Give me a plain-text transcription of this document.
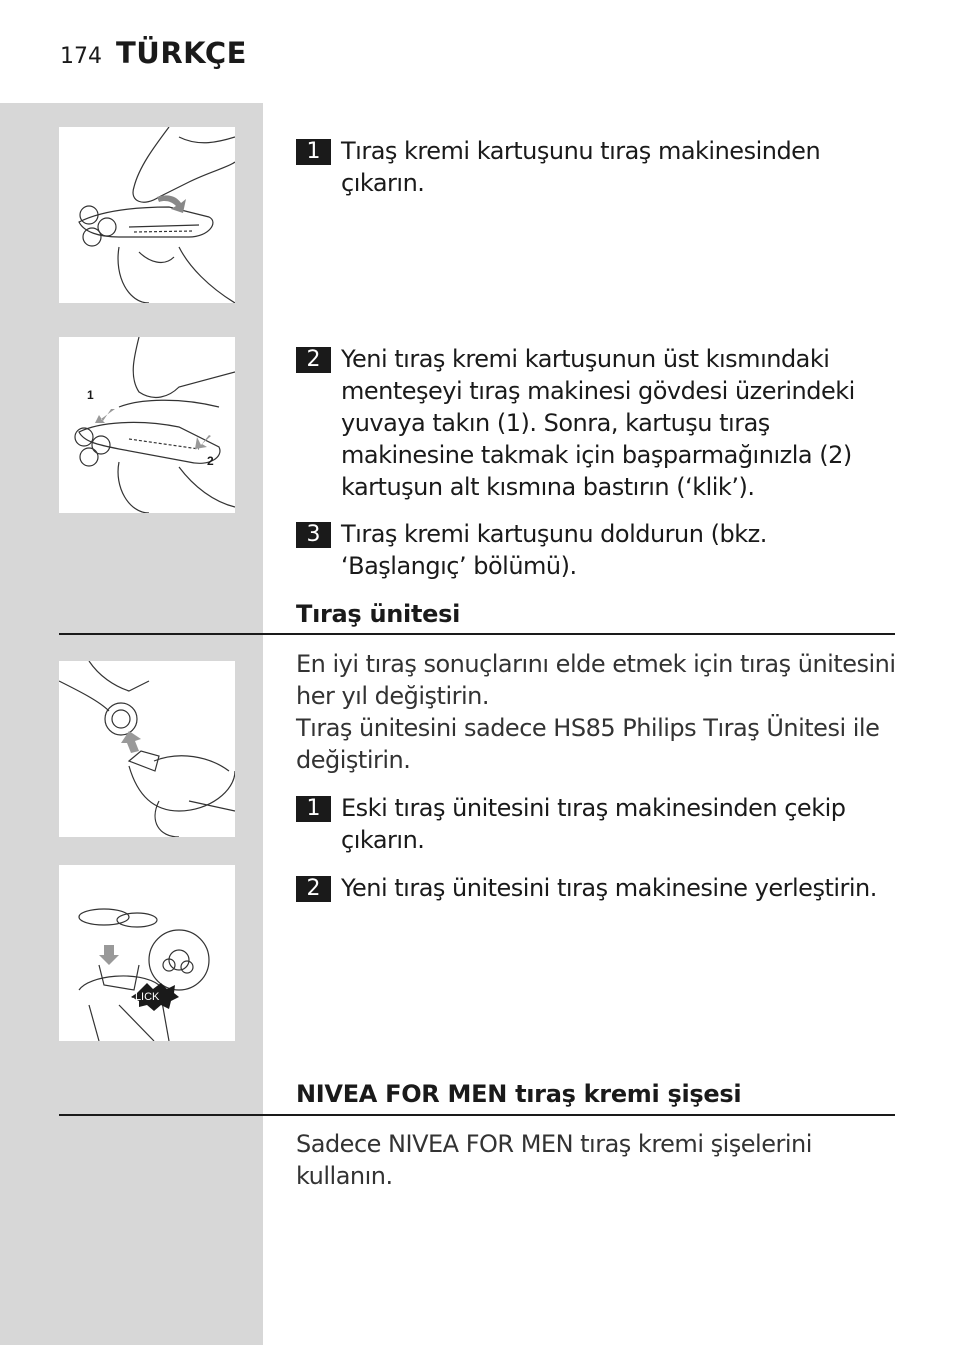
174 TÜRKÇE
1
2
CLICK
1 Tıraş kremi kartuşunu tıraş makinesinden çıkarın.
2 Yeni tıraş kremi kartuşunun üst kısmındaki menteşeyi tıraş makinesi gövdesi üzerindeki yuvaya takın (1). Sonra, kartuşu tıraş makinesine takmak için başparmağınızla (2) kartuşun alt kısmına bastırın (‘klik’).
3 Tıraş kremi kartuşunu doldurun (bkz. ‘Başlangıç’ bölümü).
Tıraş ünitesi
En iyi tıraş sonuçlarını elde etmek için tıraş ünitesini her yıl değiştirin.
Tıraş ünitesini sadece HS85 Philips Tıraş Ünitesi ile değiştirin.
1 Eski tıraş ünitesini tıraş makinesinden çekip çıkarın.
2 Yeni tıraş ünitesini tıraş makinesine yerleştirin.
NIVEA FOR MEN tıraş kremi şişesi
Sadece NIVEA FOR MEN tıraş kremi şişelerini kullanın.
